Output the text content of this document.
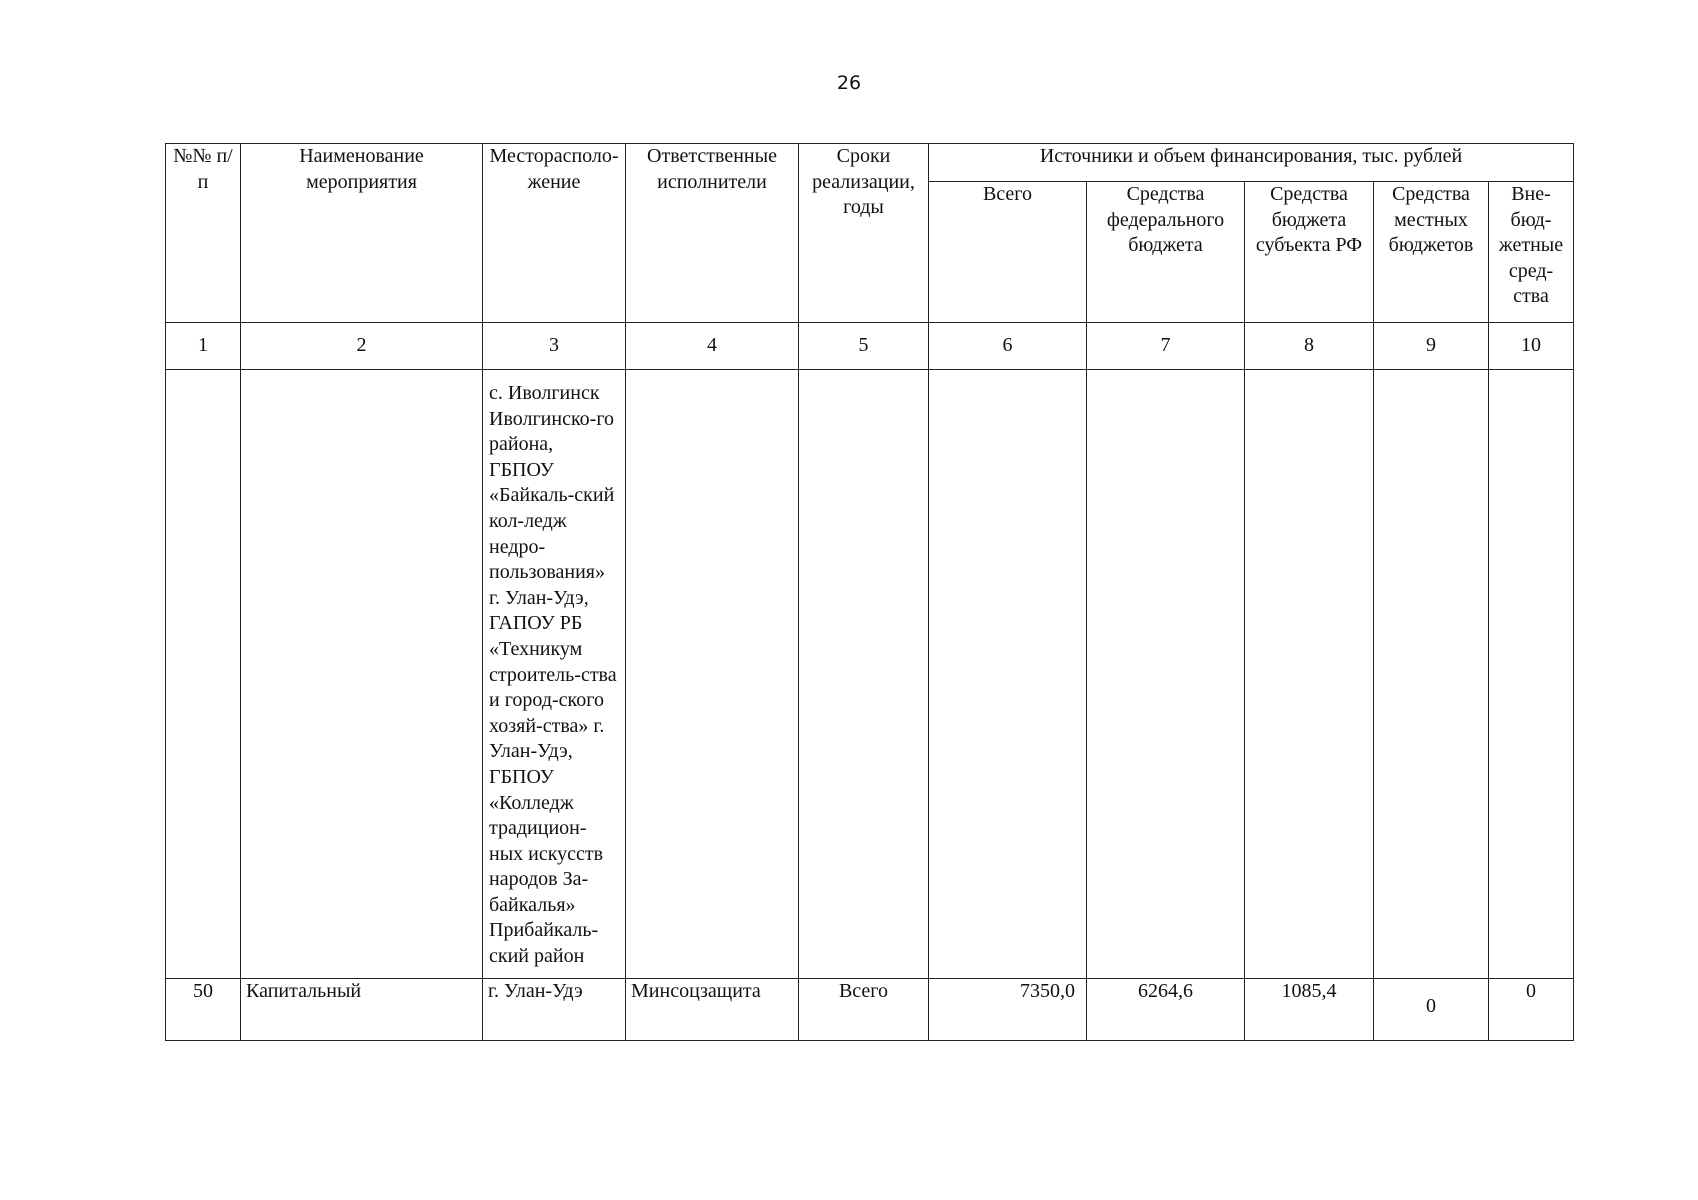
26
№№ п/п	Наименование мероприятия	Месторасполо-жение	Ответственные исполнители	Сроки реализации, годы	Источники и объем финансирования, тыс. рублей				
					Всего	Средства федерального бюджета	Средства бюджета субъекта РФ	Средства местных бюджетов	Вне-бюд-жетные сред-ства
1	2	3	4	5	6	7	8	9	10
		с. Иволгинск Иволгинско-го района, ГБПОУ «Байкаль-ский кол-ледж недро-пользования» г. Улан-Удэ, ГАПОУ РБ «Техникум строитель-ства и город-ского хозяй-ства» г. Улан-Удэ, ГБПОУ «Колледж традицион-ных искусств народов За-байкалья» Прибайкаль-ский район							
50	Капитальный	г. Улан-Удэ	Минсоцзащита	Всего	7350,0	6264,6	1085,4	0	0
